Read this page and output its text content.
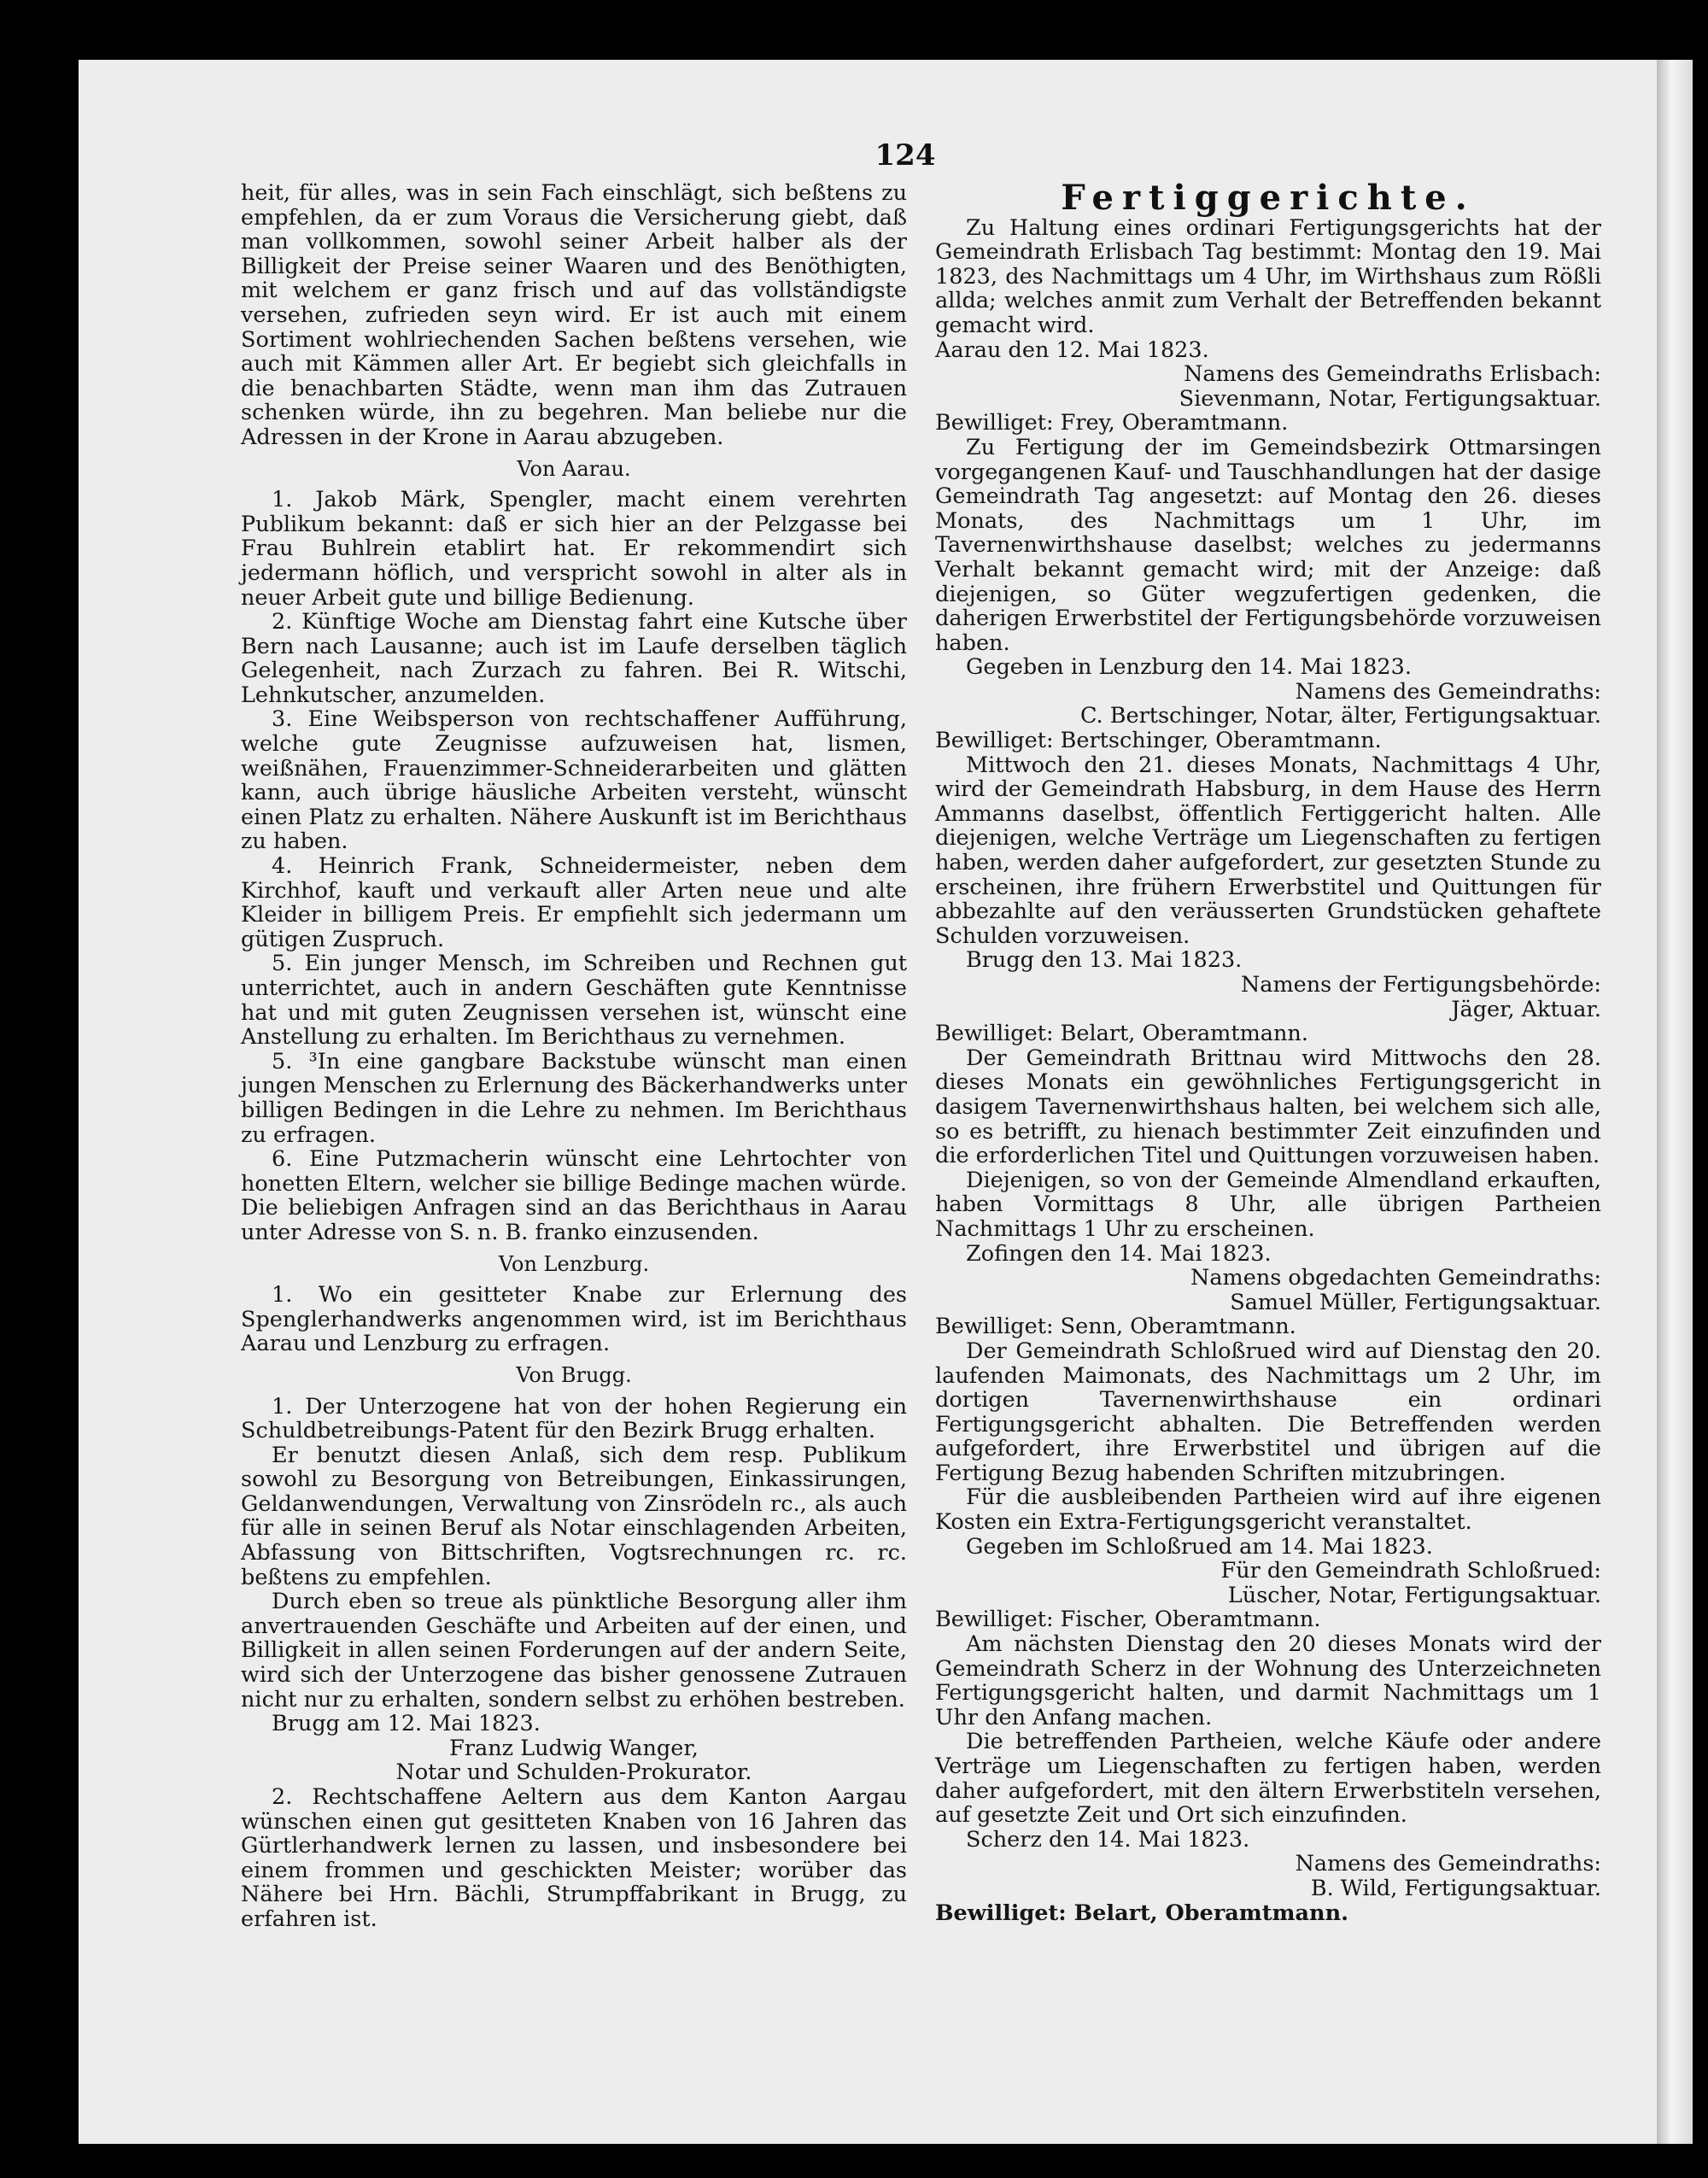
124

heit, für alles, was in sein Fach einschlägt, sich beßtens zu empfehlen, da er zum Voraus die Versicherung giebt, daß man vollkommen, sowohl seiner Arbeit halber als der Billigkeit der Preise seiner Waaren und des Benöthigten, mit welchem er ganz frisch und auf das vollständigste versehen, zufrieden seyn wird. Er ist auch mit einem Sortiment wohlriechenden Sachen beßtens versehen, wie auch mit Kämmen aller Art. Er begiebt sich gleichfalls in die benachbarten Städte, wenn man ihm das Zutrauen schenken würde, ihn zu begehren. Man beliebe nur die Adressen in der Krone in Aarau abzugeben.

Von Aarau.

1. Jakob Märk, Spengler, macht einem verehrten Publikum bekannt: daß er sich hier an der Pelzgasse bei Frau Buhlrein etablirt hat. Er rekommendirt sich jedermann höflich, und verspricht sowohl in alter als in neuer Arbeit gute und billige Bedienung.

2. Künftige Woche am Dienstag fahrt eine Kutsche über Bern nach Lausanne; auch ist im Laufe derselben täglich Gelegenheit, nach Zurzach zu fahren. Bei R. Witschi, Lehnkutscher, anzumelden.

3. Eine Weibsperson von rechtschaffener Aufführung, welche gute Zeugnisse aufzuweisen hat, lismen, weißnähen, Frauenzimmer-Schneiderarbeiten und glätten kann, auch übrige häusliche Arbeiten versteht, wünscht einen Platz zu erhalten. Nähere Auskunft ist im Berichthaus zu haben.

4. Heinrich Frank, Schneidermeister, neben dem Kirchhof, kauft und verkauft aller Arten neue und alte Kleider in billigem Preis. Er empfiehlt sich jedermann um gütigen Zuspruch.

5. Ein junger Mensch, im Schreiben und Rechnen gut unterrichtet, auch in andern Geschäften gute Kenntnisse hat und mit guten Zeugnissen versehen ist, wünscht eine Anstellung zu erhalten. Im Berichthaus zu vernehmen.

5. ³In eine gangbare Backstube wünscht man einen jungen Menschen zu Erlernung des Bäckerhandwerks unter billigen Bedingen in die Lehre zu nehmen. Im Berichthaus zu erfragen.

6. Eine Putzmacherin wünscht eine Lehrtochter von honetten Eltern, welcher sie billige Bedinge machen würde. Die beliebigen Anfragen sind an das Berichthaus in Aarau unter Adresse von S. n. B. franko einzusenden.

Von Lenzburg.

1. Wo ein gesitteter Knabe zur Erlernung des Spenglerhandwerks angenommen wird, ist im Berichthaus Aarau und Lenzburg zu erfragen.

Von Brugg.

1. Der Unterzogene hat von der hohen Regierung ein Schuldbetreibungs-Patent für den Bezirk Brugg erhalten.

Er benutzt diesen Anlaß, sich dem resp. Publikum sowohl zu Besorgung von Betreibungen, Einkassirungen, Geldanwendungen, Verwaltung von Zinsrödeln rc., als auch für alle in seinen Beruf als Notar einschlagenden Arbeiten, Abfassung von Bittschriften, Vogtsrechnungen rc. rc. beßtens zu empfehlen.

Durch eben so treue als pünktliche Besorgung aller ihm anvertrauenden Geschäfte und Arbeiten auf der einen, und Billigkeit in allen seinen Forderungen auf der andern Seite, wird sich der Unterzogene das bisher genossene Zutrauen nicht nur zu erhalten, sondern selbst zu erhöhen bestreben.

Brugg am 12. Mai 1823.

Franz Ludwig Wanger,

Notar und Schulden-Prokurator.

2. Rechtschaffene Aeltern aus dem Kanton Aargau wünschen einen gut gesitteten Knaben von 16 Jahren das Gürtlerhandwerk lernen zu lassen, und insbesondere bei einem frommen und geschickten Meister; worüber das Nähere bei Hrn. Bächli, Strumpffabrikant in Brugg, zu erfahren ist.

Fertiggerichte.

Zu Haltung eines ordinari Fertigungsgerichts hat der Gemeindrath Erlisbach Tag bestimmt: Montag den 19. Mai 1823, des Nachmittags um 4 Uhr, im Wirthshaus zum Rößli allda; welches anmit zum Verhalt der Betreffenden bekannt gemacht wird.

Aarau den 12. Mai 1823.

Namens des Gemeindraths Erlisbach:

Sievenmann, Notar, Fertigungsaktuar.

Bewilliget: Frey, Oberamtmann.

Zu Fertigung der im Gemeindsbezirk Ottmarsingen vorgegangenen Kauf- und Tauschhandlungen hat der dasige Gemeindrath Tag angesetzt: auf Montag den 26. dieses Monats, des Nachmittags um 1 Uhr, im Tavernenwirthshause daselbst; welches zu jedermanns Verhalt bekannt gemacht wird; mit der Anzeige: daß diejenigen, so Güter wegzufertigen gedenken, die daherigen Erwerbstitel der Fertigungsbehörde vorzuweisen haben.

Gegeben in Lenzburg den 14. Mai 1823.

Namens des Gemeindraths:

C. Bertschinger, Notar, älter, Fertigungsaktuar.

Bewilliget: Bertschinger, Oberamtmann.

Mittwoch den 21. dieses Monats, Nachmittags 4 Uhr, wird der Gemeindrath Habsburg, in dem Hause des Herrn Ammanns daselbst, öffentlich Fertiggericht halten. Alle diejenigen, welche Verträge um Liegenschaften zu fertigen haben, werden daher aufgefordert, zur gesetzten Stunde zu erscheinen, ihre frühern Erwerbstitel und Quittungen für abbezahlte auf den veräusserten Grundstücken gehaftete Schulden vorzuweisen.

Brugg den 13. Mai 1823.

Namens der Fertigungsbehörde:

Jäger, Aktuar.

Bewilliget: Belart, Oberamtmann.

Der Gemeindrath Brittnau wird Mittwochs den 28. dieses Monats ein gewöhnliches Fertigungsgericht in dasigem Tavernenwirthshaus halten, bei welchem sich alle, so es betrifft, zu hienach bestimmter Zeit einzufinden und die erforderlichen Titel und Quittungen vorzuweisen haben.

Diejenigen, so von der Gemeinde Almendland erkauften, haben Vormittags 8 Uhr, alle übrigen Partheien Nachmittags 1 Uhr zu erscheinen.

Zofingen den 14. Mai 1823.

Namens obgedachten Gemeindraths:

Samuel Müller, Fertigungsaktuar.

Bewilliget: Senn, Oberamtmann.

Der Gemeindrath Schloßrued wird auf Dienstag den 20. laufenden Maimonats, des Nachmittags um 2 Uhr, im dortigen Tavernenwirthshause ein ordinari Fertigungsgericht abhalten. Die Betreffenden werden aufgefordert, ihre Erwerbstitel und übrigen auf die Fertigung Bezug habenden Schriften mitzubringen.

Für die ausbleibenden Partheien wird auf ihre eigenen Kosten ein Extra-Fertigungsgericht veranstaltet.

Gegeben im Schloßrued am 14. Mai 1823.

Für den Gemeindrath Schloßrued:

Lüscher, Notar, Fertigungsaktuar.

Bewilliget: Fischer, Oberamtmann.

Am nächsten Dienstag den 20 dieses Monats wird der Gemeindrath Scherz in der Wohnung des Unterzeichneten Fertigungsgericht halten, und darmit Nachmittags um 1 Uhr den Anfang machen.

Die betreffenden Partheien, welche Käufe oder andere Verträge um Liegenschaften zu fertigen haben, werden daher aufgefordert, mit den ältern Erwerbstiteln versehen, auf gesetzte Zeit und Ort sich einzufinden.

Scherz den 14. Mai 1823.

Namens des Gemeindraths:

B. Wild, Fertigungsaktuar.

Bewilliget: Belart, Oberamtmann.
